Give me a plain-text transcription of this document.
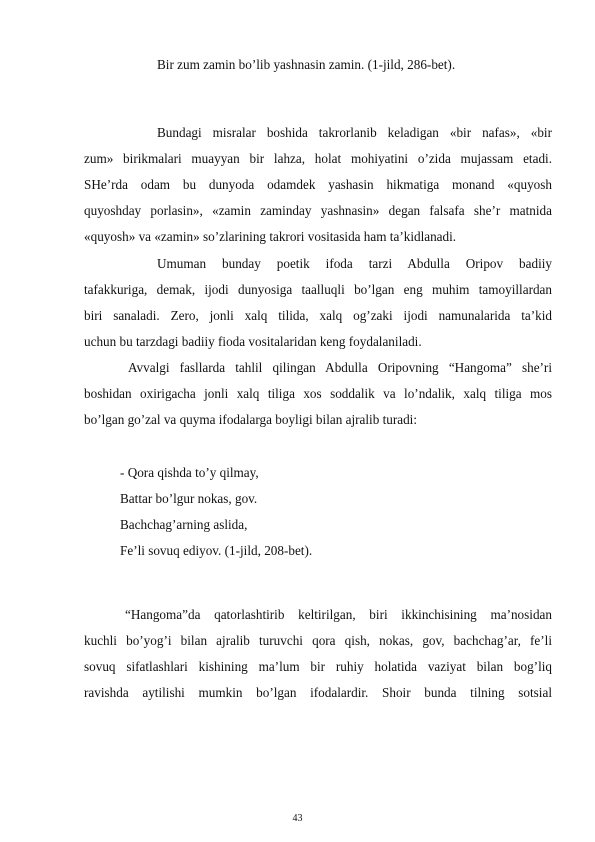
Bir zum zamin bo’lib yashnasin zamin. (1-jild, 286-bet).
Bundagi misralar boshida takrorlanib keladigan «bir nafas», «bir
zum» birikmalari muayyan bir lahza, holat mohiyatini o’zida mujassam etadi.
SHe’rda odam bu dunyoda odamdek yashasin hikmatiga monand «quyosh
quyoshday porlasin», «zamin zaminday yashnasin» degan falsafa she’r matnida
«quyosh» va «zamin» so’zlarining takrori vositasida ham ta’kidlanadi.
Umuman bunday poetik ifoda tarzi Abdulla Oripov badiiy
tafakkuriga, demak, ijodi dunyosiga taalluqli bo’lgan eng muhim tamoyillardan
biri sanaladi. Zero, jonli xalq tilida, xalq og’zaki ijodi namunalarida ta’kid
uchun bu tarzdagi badiiy fioda vositalaridan keng foydalaniladi.
Avvalgi fasllarda tahlil qilingan Abdulla Oripovning “Hangoma” she’ri
boshidan oxirigacha jonli xalq tiliga xos soddalik va lo’ndalik, xalq tiliga mos
bo’lgan go’zal va quyma ifodalarga boyligi bilan ajralib turadi:
- Qora qishda to’y qilmay,
Battar bo’lgur nokas, gov.
Bachchag’arning aslida,
Fe’li sovuq ediyov. (1-jild, 208-bet).
“Hangoma”da qatorlashtirib keltirilgan, biri ikkinchisining ma’nosidan
kuchli bo’yog’i bilan ajralib turuvchi qora qish, nokas, gov, bachchag’ar, fe’li
sovuq sifatlashlari kishining ma’lum bir ruhiy holatida vaziyat bilan bog’liq
ravishda aytilishi mumkin bo’lgan ifodalardir. Shoir bunda tilning sotsial
43
